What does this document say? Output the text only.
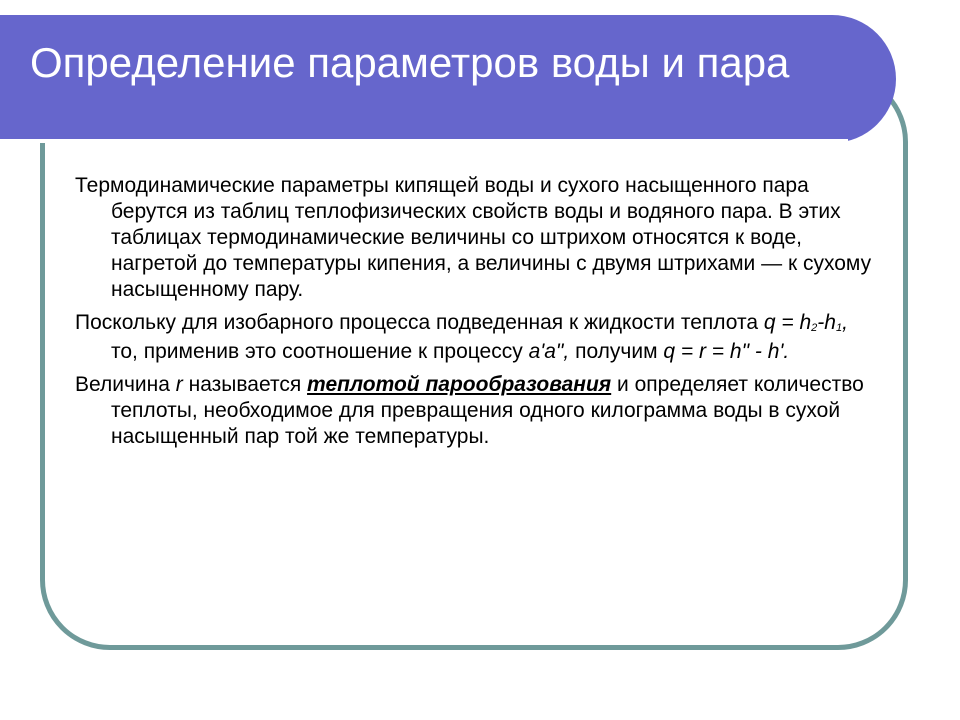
Определение параметров воды и пара

Термодинамические параметры кипящей воды и сухого насыщенного пара берутся из таблиц теплофизических свойств воды и водяного пара. В этих таблицах термодинамические величины со штрихом относятся к воде, нагретой до температуры кипения, а величины с двумя штрихами — к сухому насыщенному пару.

Поскольку для изобарного процесса подведенная к жидкости теплота q = h2-h1, то, применив это соотношение к процессу a'a", получим q = r = h" - h'.

Величина r называется теплотой парообразования и определяет количество теплоты, необходимое для превращения одного килограмма воды в сухой насыщенный пар той же температуры.
